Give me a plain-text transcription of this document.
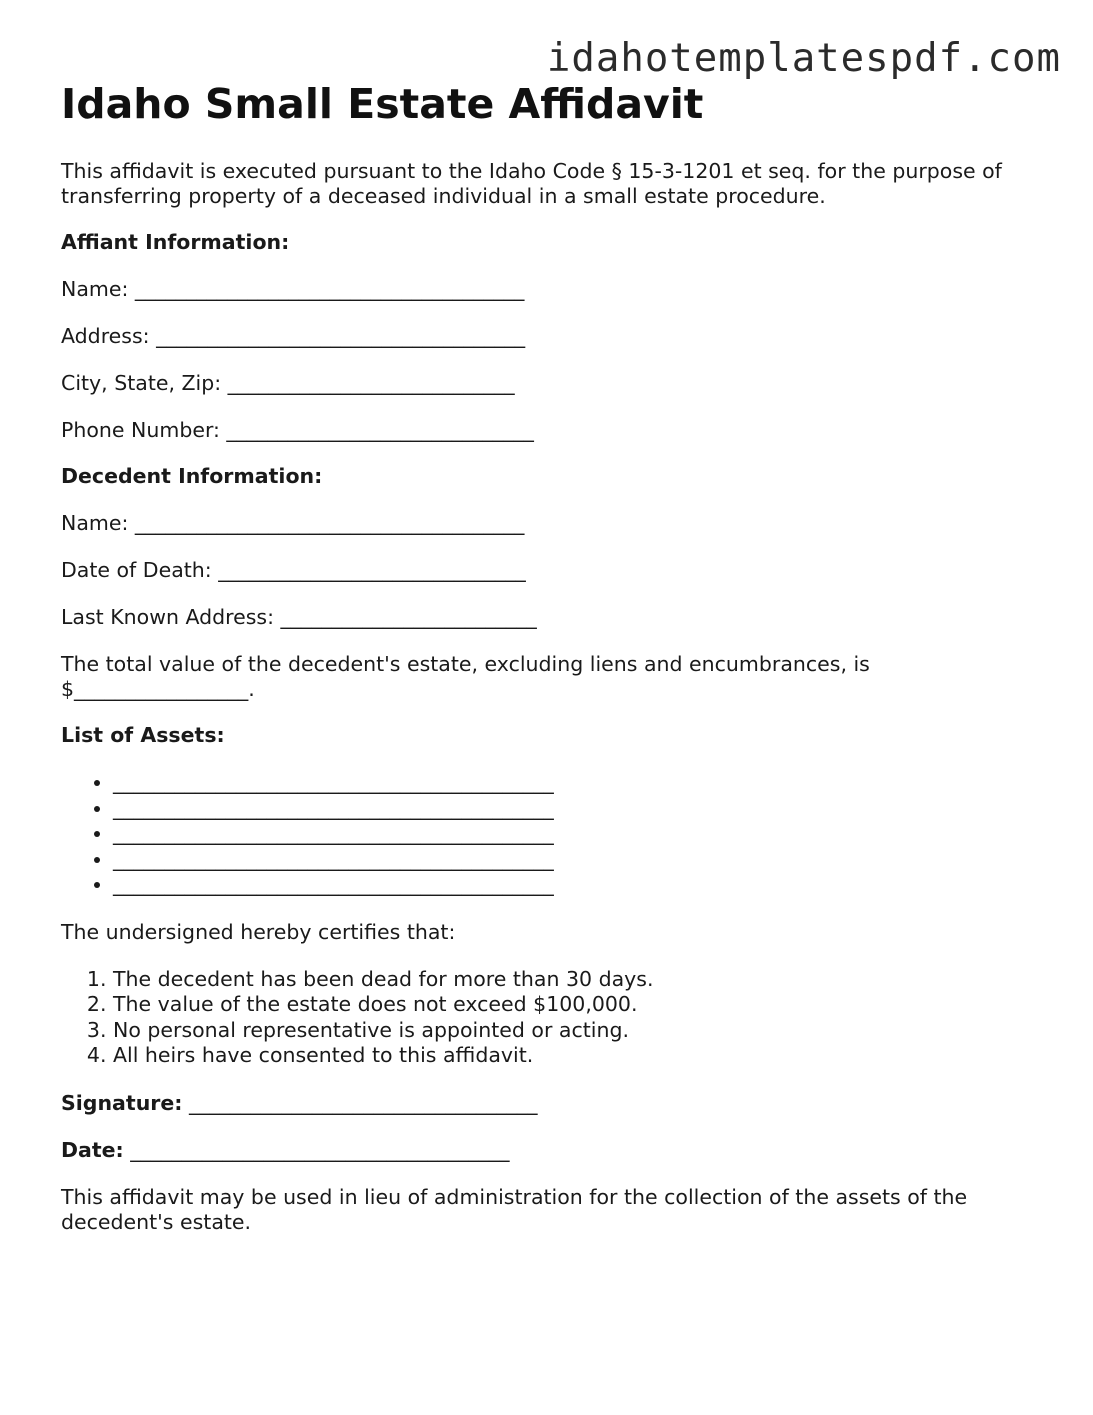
idahotemplatespdf.com
Idaho Small Estate Affidavit

This affidavit is executed pursuant to the Idaho Code § 15-3-1201 et seq. for the purpose of transferring property of a deceased individual in a small estate procedure.

Affiant Information:

Name: ______________________________________

Address: ____________________________________

City, State, Zip: ____________________________

Phone Number: ______________________________

Decedent Information:

Name: ______________________________________

Date of Death: ______________________________

Last Known Address: _________________________

The total value of the decedent's estate, excluding liens and encumbrances, is $_________________.

List of Assets:

• ___________________________________________
• ___________________________________________
• ___________________________________________
• ___________________________________________
• ___________________________________________

The undersigned hereby certifies that:

1. The decedent has been dead for more than 30 days.
2. The value of the estate does not exceed $100,000.
3. No personal representative is appointed or acting.
4. All heirs have consented to this affidavit.

Signature: __________________________________

Date: _____________________________________

This affidavit may be used in lieu of administration for the collection of the assets of the decedent's estate.
